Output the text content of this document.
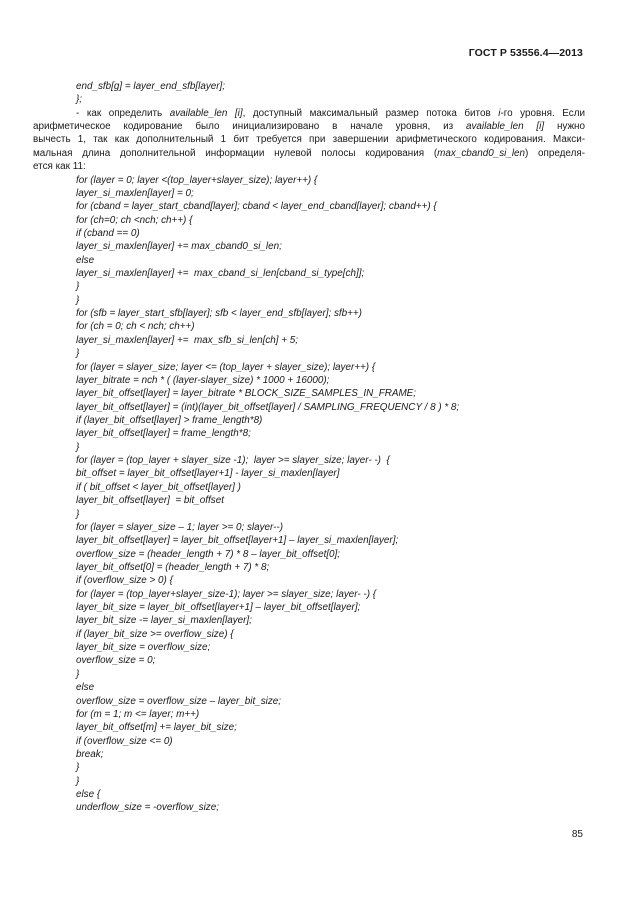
ГОСТ Р 53556.4—2013
end_sfb[g] = layer_end_sfb[layer];
};
- как определить available_len [i], доступный максимальный размер потока битов i-го уровня. Если
арифметическое кодирование было инициализировано в начале уровня, из available_len [i] нужно
вычесть 1, так как дополнительный 1 бит требуется при завершении арифметического кодирования. Макси-
мальная длина дополнительной информации нулевой полосы кодирования (max_cband0_si_len) определя-
ется как 11:
for (layer = 0; layer <(top_layer+slayer_size); layer++) {
layer_si_maxlen[layer] = 0;
for (cband = layer_start_cband[layer]; cband < layer_end_cband[layer]; cband++) {
for (ch=0; ch <nch; ch++) {
if (cband == 0)
layer_si_maxlen[layer] += max_cband0_si_len;
else
layer_si_maxlen[layer] +=  max_cband_si_len[cband_si_type[ch]];
}
}
for (sfb = layer_start_sfb[layer]; sfb < layer_end_sfb[layer]; sfb++)
for (ch = 0; ch < nch; ch++)
layer_si_maxlen[layer] +=  max_sfb_si_len[ch] + 5;
}
for (layer = slayer_size; layer <= (top_layer + slayer_size); layer++) {
layer_bitrate = nch * ( (layer-slayer_size) * 1000 + 16000);
layer_bit_offset[layer] = layer_bitrate * BLOCK_SIZE_SAMPLES_IN_FRAME;
layer_bit_offset[layer] = (int)(layer_bit_offset[layer] / SAMPLING_FREQUENCY / 8 ) * 8;
if (layer_bit_offset[layer] > frame_length*8)
layer_bit_offset[layer] = frame_length*8;
}
for (layer = (top_layer + slayer_size -1);  layer >= slayer_size; layer- -)  {
bit_offset = layer_bit_offset[layer+1] - layer_si_maxlen[layer]
if ( bit_offset < layer_bit_offset[layer] )
layer_bit_offset[layer]  = bit_offset
}
for (layer = slayer_size – 1; layer >= 0; slayer--)
layer_bit_offset[layer] = layer_bit_offset[layer+1] – layer_si_maxlen[layer];
overflow_size = (header_length + 7) * 8 – layer_bit_offset[0];
layer_bit_offset[0] = (header_length + 7) * 8;
if (overflow_size > 0) {
for (layer = (top_layer+slayer_size-1); layer >= slayer_size; layer- -) {
layer_bit_size = layer_bit_offset[layer+1] – layer_bit_offset[layer];
layer_bit_size -= layer_si_maxlen[layer];
if (layer_bit_size >= overflow_size) {
layer_bit_size = overflow_size;
overflow_size = 0;
}
else
overflow_size = overflow_size – layer_bit_size;
for (m = 1; m <= layer; m++)
layer_bit_offset[m] += layer_bit_size;
if (overflow_size <= 0)
break;
}
}
else {
underflow_size = -overflow_size;
85
